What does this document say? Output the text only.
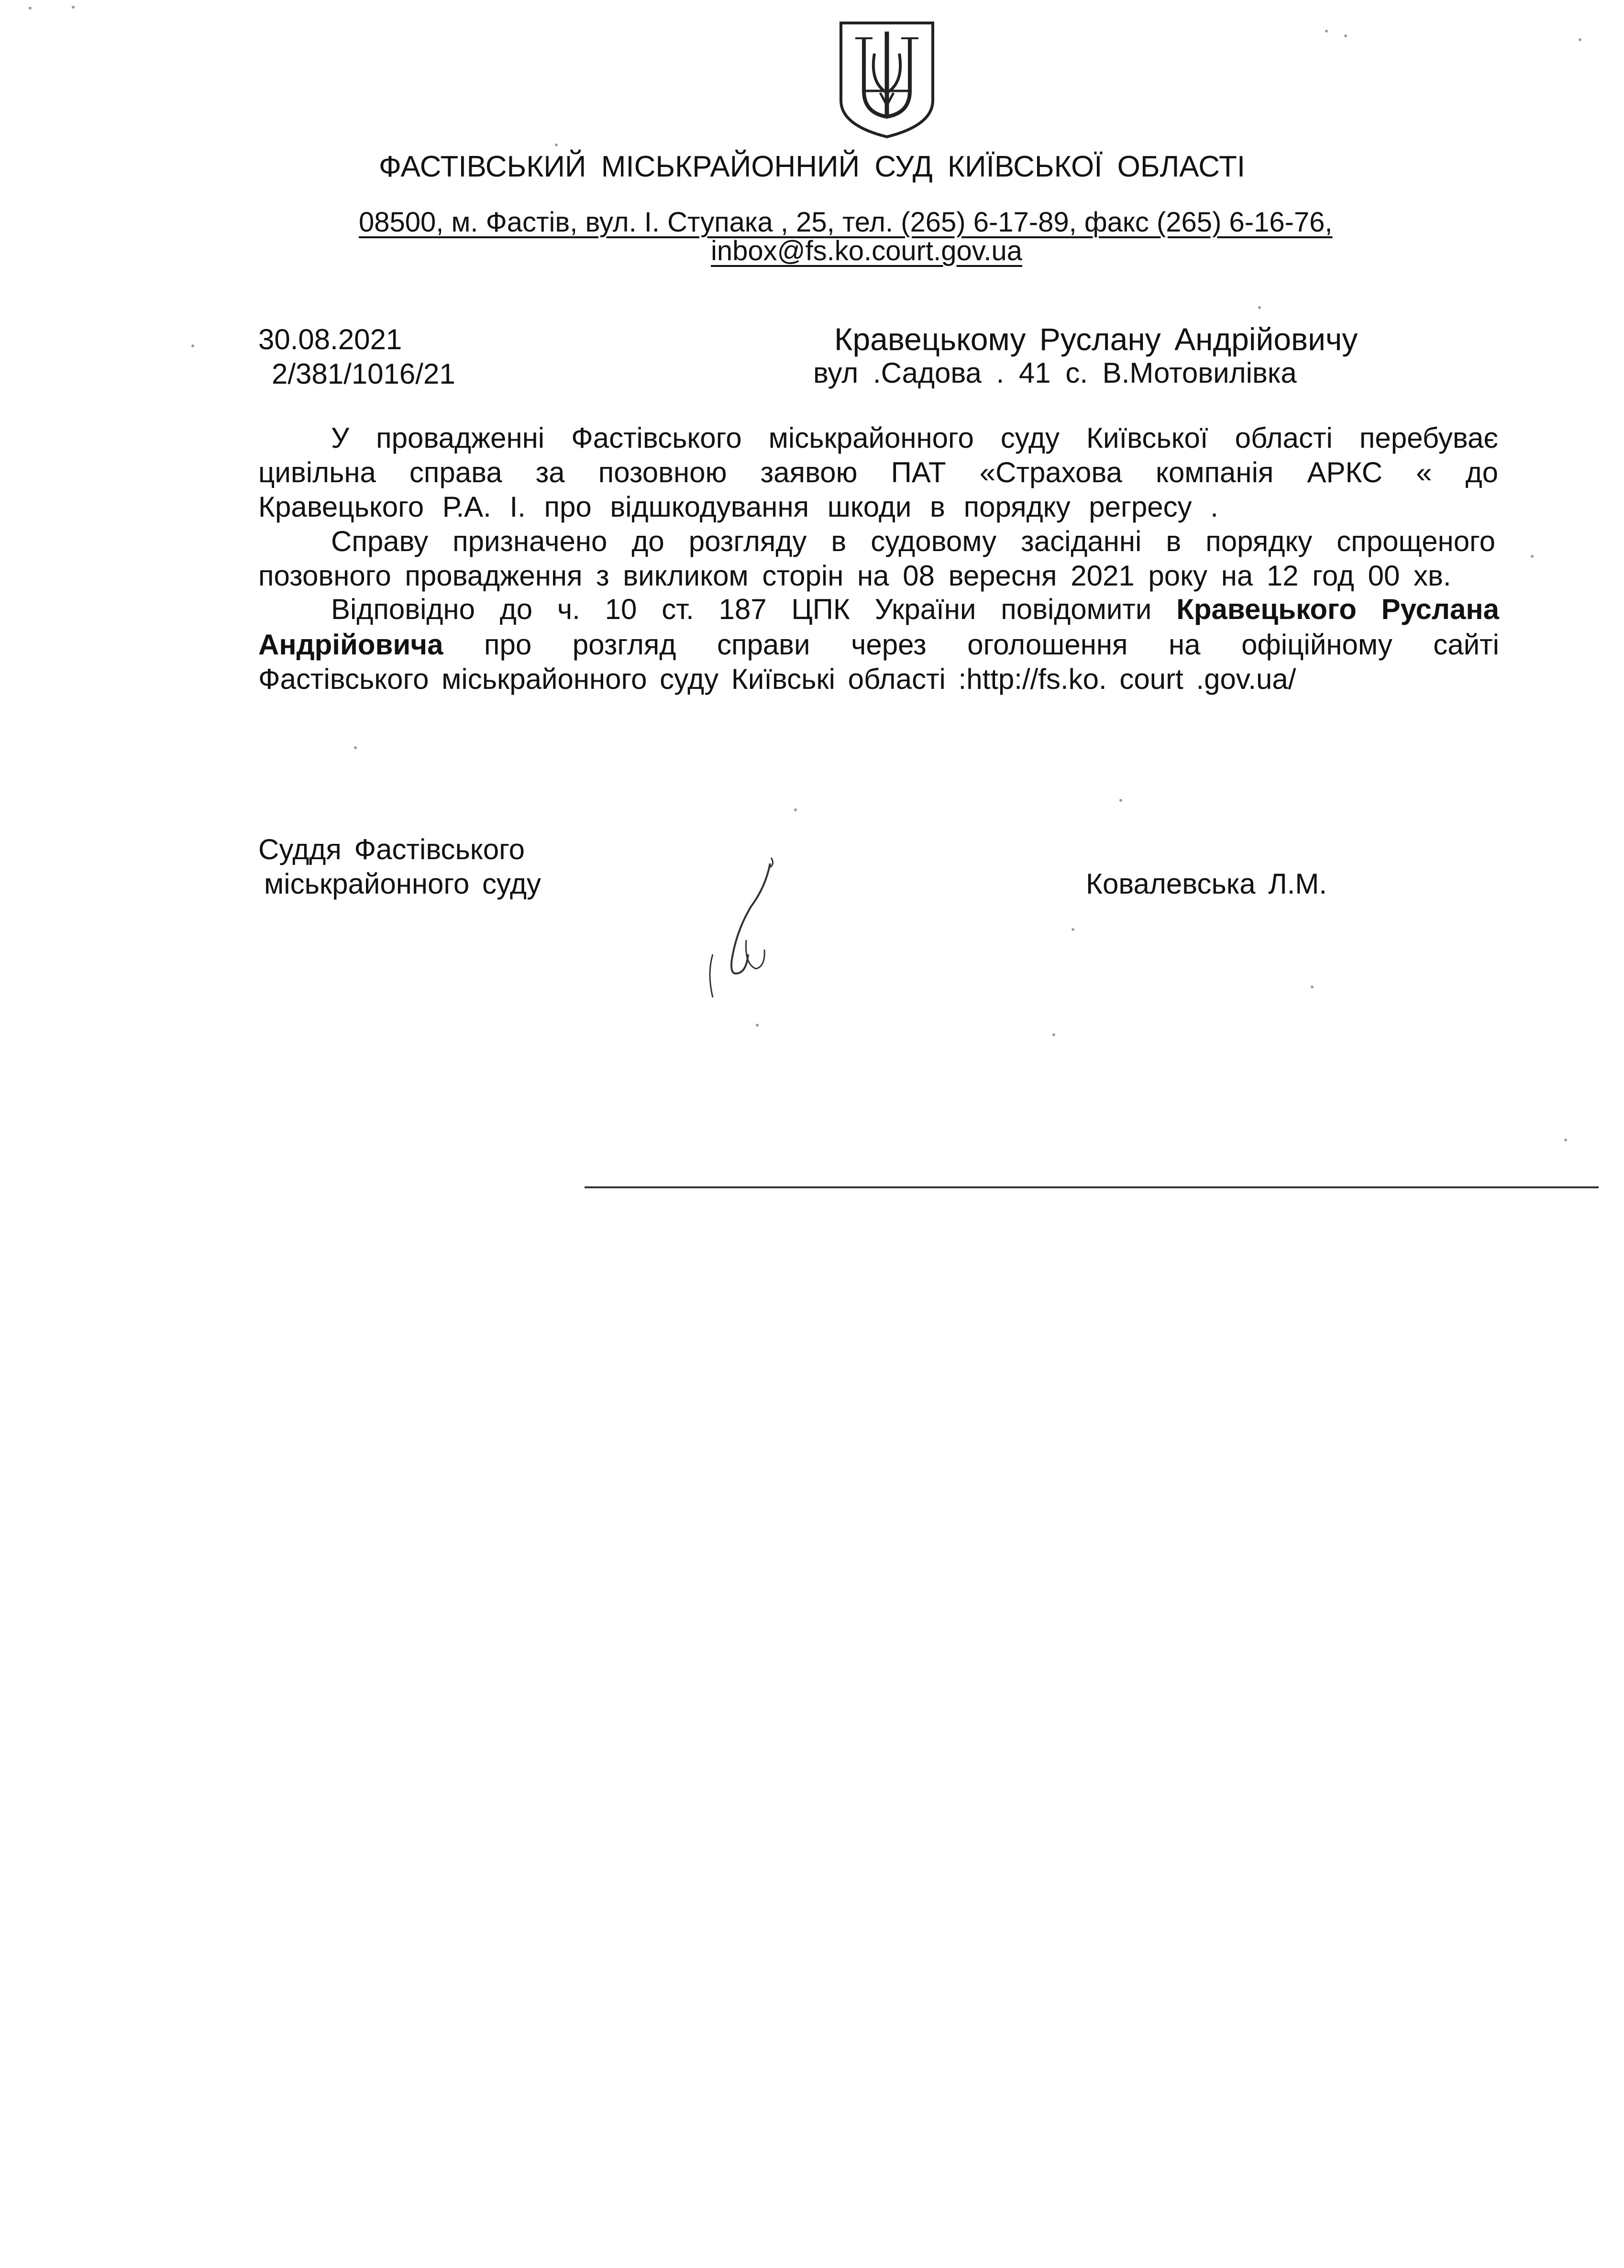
ФАСТІВСЬКИЙ МІСЬКРАЙОННИЙ СУД КИЇВСЬКОЇ ОБЛАСТІ
08500, м. Фастів, вул. І. Ступака , 25, тел. (265) 6-17-89, факс (265) 6-16-76,
inbox@fs.ko.court.gov.ua
30.08.2021
2/381/1016/21
Кравецькому Руслану Андрійовичу
вул .Садова . 41 с. В.Мотовилівка
У провадженні Фастівського міськрайонного суду Київської області перебуває
цивільна справа за позовною заявою ПАТ «Страхова компанія АРКС « до
Кравецького Р.А. І. про відшкодування шкоди в порядку регресу .
Справу призначено до розгляду в судовому засіданні в порядку спрощеного
позовного провадження з викликом сторін на 08 вересня 2021 року на 12 год 00 хв.
Відповідно до ч. 10 ст. 187 ЦПК України повідомити Кравецького Руслана
Андрійовича про розгляд справи через оголошення на офіційному сайті
Фастівського міськрайонного суду Київські області :http://fs.ko. court .gov.ua/
Суддя Фастівського
міськрайонного суду	Ковалевська Л.М.
